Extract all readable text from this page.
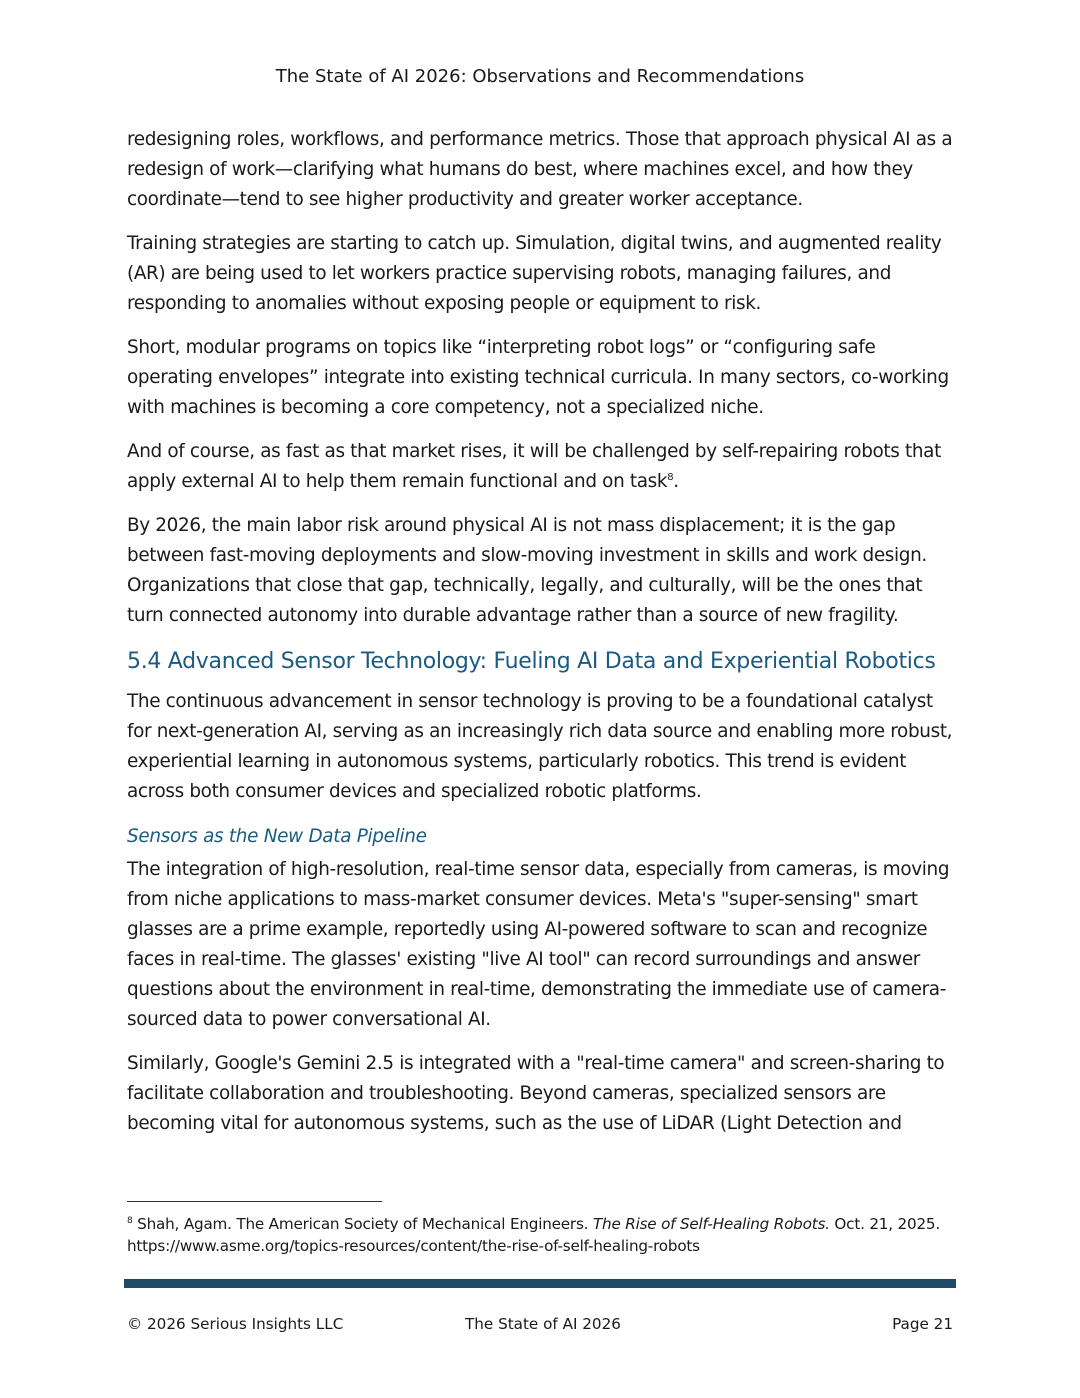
The State of AI 2026: Observations and Recommendations

redesigning roles, workflows, and performance metrics. Those that approach physical AI as a redesign of work—clarifying what humans do best, where machines excel, and how they coordinate—tend to see higher productivity and greater worker acceptance.

Training strategies are starting to catch up. Simulation, digital twins, and augmented reality (AR) are being used to let workers practice supervising robots, managing failures, and responding to anomalies without exposing people or equipment to risk.

Short, modular programs on topics like “interpreting robot logs” or “configuring safe operating envelopes” integrate into existing technical curricula. In many sectors, co-working with machines is becoming a core competency, not a specialized niche.

And of course, as fast as that market rises, it will be challenged by self-repairing robots that apply external AI to help them remain functional and on task$^8$.

By 2026, the main labor risk around physical AI is not mass displacement; it is the gap between fast-moving deployments and slow-moving investment in skills and work design. Organizations that close that gap, technically, legally, and culturally, will be the ones that turn connected autonomy into durable advantage rather than a source of new fragility.

5.4 Advanced Sensor Technology: Fueling AI Data and Experiential Robotics

The continuous advancement in sensor technology is proving to be a foundational catalyst for next-generation AI, serving as an increasingly rich data source and enabling more robust, experiential learning in autonomous systems, particularly robotics. This trend is evident across both consumer devices and specialized robotic platforms.

Sensors as the New Data Pipeline

The integration of high-resolution, real-time sensor data, especially from cameras, is moving from niche applications to mass-market consumer devices. Meta's "super-sensing" smart glasses are a prime example, reportedly using AI-powered software to scan and recognize faces in real-time. The glasses' existing "live AI tool" can record surroundings and answer questions about the environment in real-time, demonstrating the immediate use of camera-sourced data to power conversational AI.

Similarly, Google's Gemini 2.5 is integrated with a "real-time camera" and screen-sharing to facilitate collaboration and troubleshooting. Beyond cameras, specialized sensors are becoming vital for autonomous systems, such as the use of LiDAR (Light Detection and

$^8$ Shah, Agam. The American Society of Mechanical Engineers. The Rise of Self-Healing Robots. Oct. 21, 2025.
https://www.asme.org/topics-resources/content/the-rise-of-self-healing-robots
© 2026 Serious Insights LLC	The State of AI 2026	Page 21
